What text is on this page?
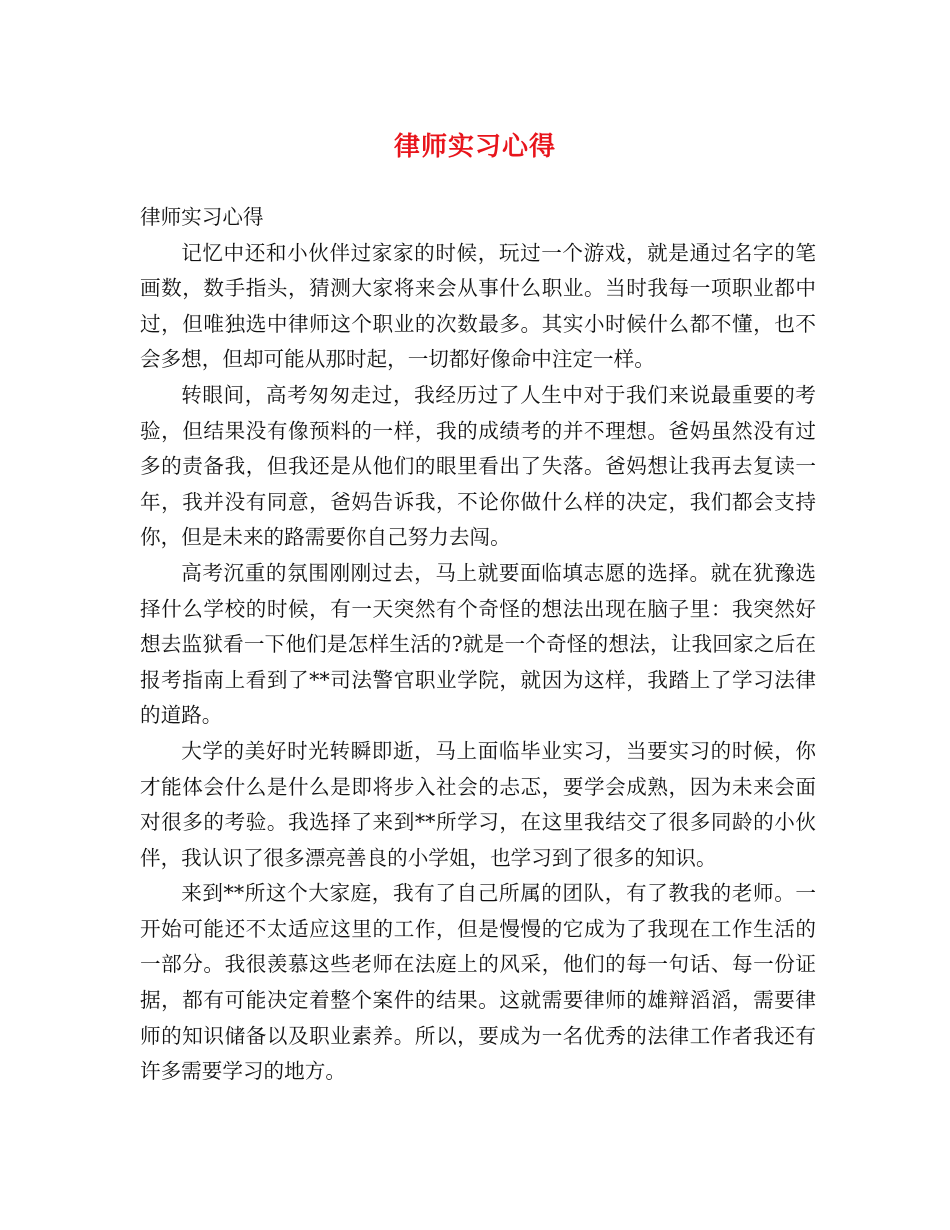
律师实习心得

律师实习心得

记忆中还和小伙伴过家家的时候，玩过一个游戏，就是通过名字的笔画数，数手指头，猜测大家将来会从事什么职业。当时我每一项职业都中过，但唯独选中律师这个职业的次数最多。其实小时候什么都不懂，也不会多想，但却可能从那时起，一切都好像命中注定一样。

转眼间，高考匆匆走过，我经历过了人生中对于我们来说最重要的考验，但结果没有像预料的一样，我的成绩考的并不理想。爸妈虽然没有过多的责备我，但我还是从他们的眼里看出了失落。爸妈想让我再去复读一年，我并没有同意，爸妈告诉我，不论你做什么样的决定，我们都会支持你，但是未来的路需要你自己努力去闯。

高考沉重的氛围刚刚过去，马上就要面临填志愿的选择。就在犹豫选择什么学校的时候，有一天突然有个奇怪的想法出现在脑子里：我突然好想去监狱看一下他们是怎样生活的?就是一个奇怪的想法，让我回家之后在报考指南上看到了**司法警官职业学院，就因为这样，我踏上了学习法律的道路。

大学的美好时光转瞬即逝，马上面临毕业实习，当要实习的时候，你才能体会什么是什么是即将步入社会的忐忑，要学会成熟，因为未来会面对很多的考验。我选择了来到**所学习，在这里我结交了很多同龄的小伙伴，我认识了很多漂亮善良的小学姐，也学习到了很多的知识。

来到**所这个大家庭，我有了自己所属的团队，有了教我的老师。一开始可能还不太适应这里的工作，但是慢慢的它成为了我现在工作生活的一部分。我很羡慕这些老师在法庭上的风采，他们的每一句话、每一份证据，都有可能决定着整个案件的结果。这就需要律师的雄辩滔滔，需要律师的知识储备以及职业素养。所以，要成为一名优秀的法律工作者我还有许多需要学习的地方。
